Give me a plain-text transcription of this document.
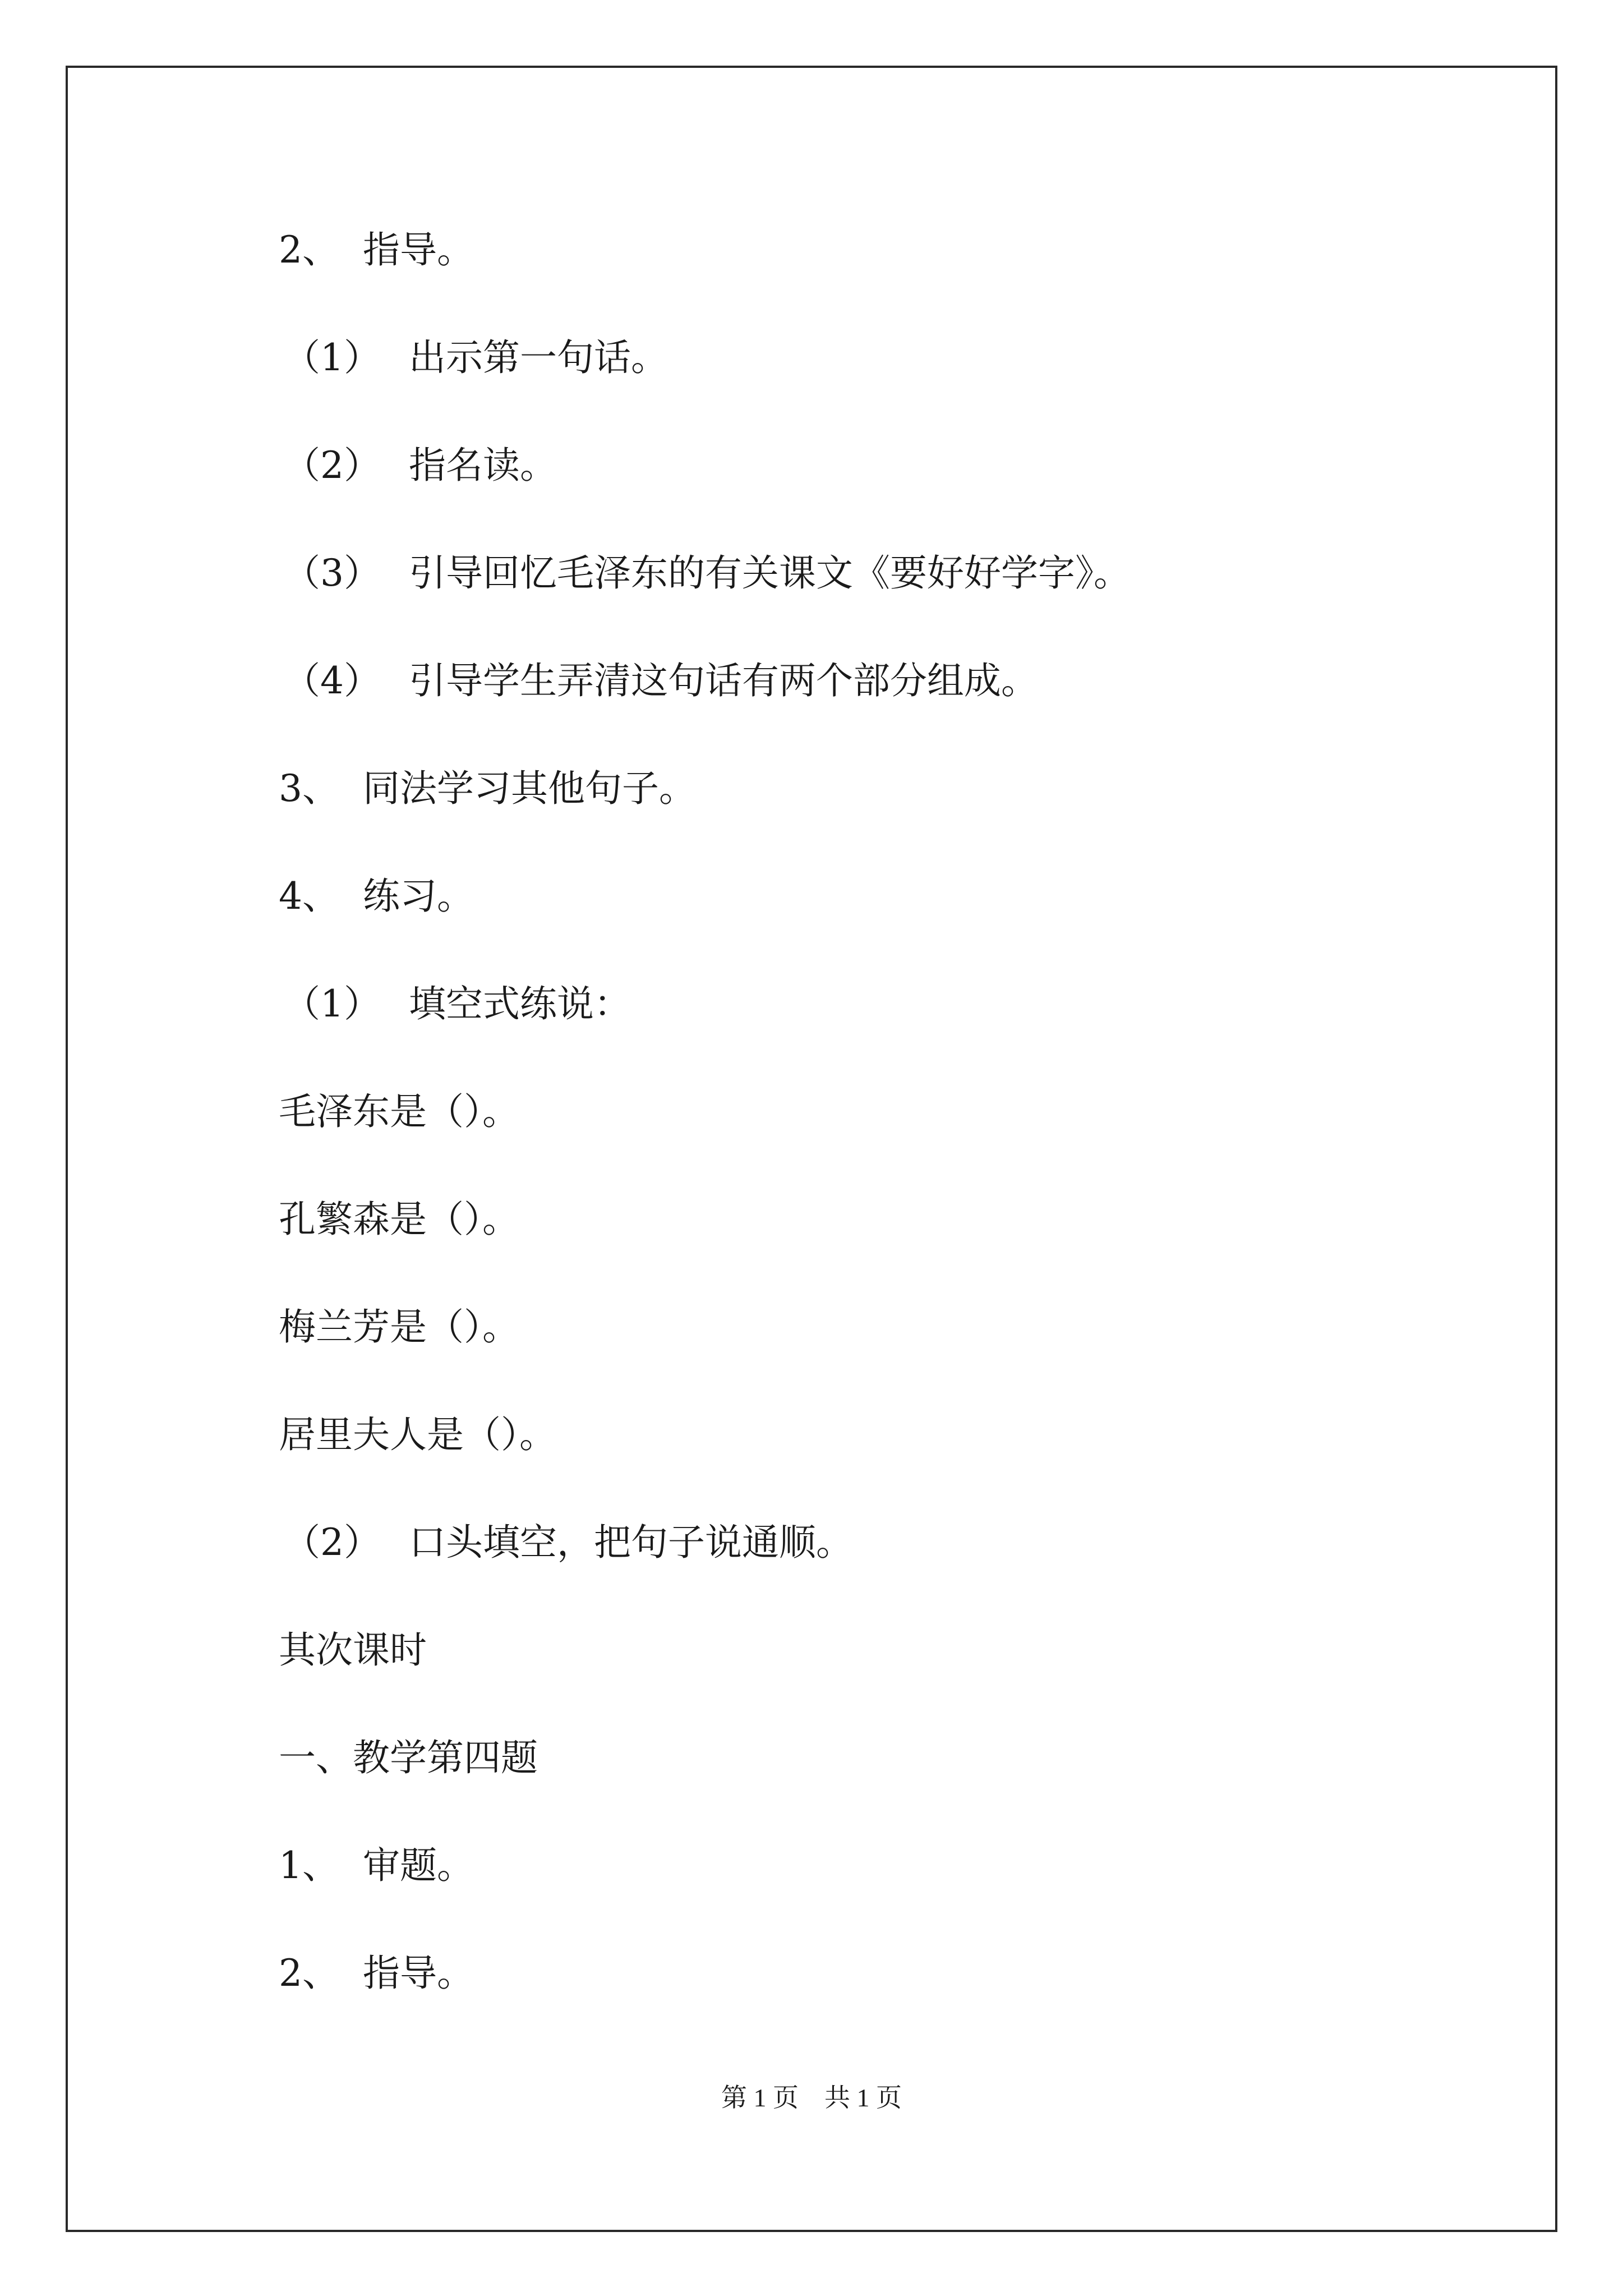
2、 指导。
（1） 出示第一句话。
（2） 指名读。
（3） 引导回忆毛泽东的有关课文《要好好学字》。
（4） 引导学生弄清这句话有两个部分组成。
3、 同法学习其他句子。
4、 练习。
（1） 填空式练说：
毛泽东是（）。
孔繁森是（）。
梅兰芳是（）。
居里夫人是（）。
（2） 口头填空，把句子说通顺。
其次课时
一、教学第四题
1、 审题。
2、 指导。
第 1 页 共 1 页
